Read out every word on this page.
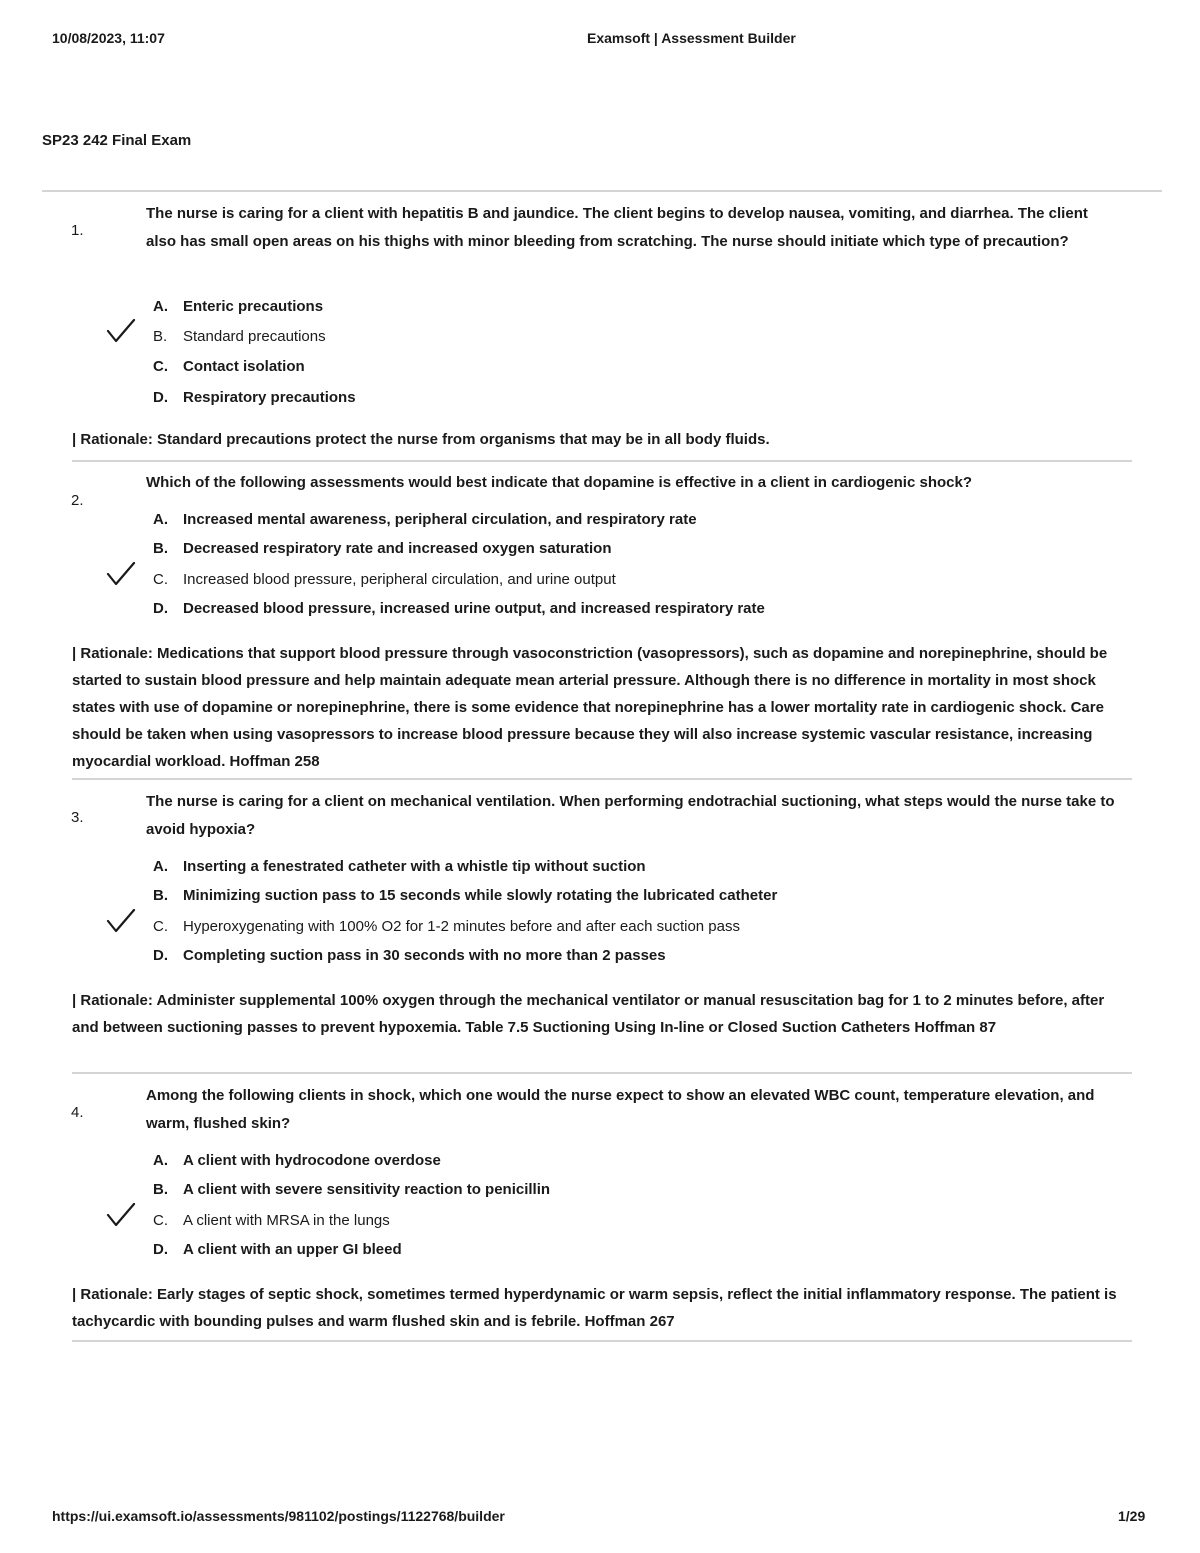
10/08/2023, 11:07	Examsoft | Assessment Builder
SP23 242 Final Exam
1.
The nurse is caring for a client with hepatitis B and jaundice. The client begins to develop nausea, vomiting, and diarrhea. The client also has small open areas on his thighs with minor bleeding from scratching. The nurse should initiate which type of precaution?
A. Enteric precautions
B. Standard precautions
C. Contact isolation
D. Respiratory precautions
| Rationale: Standard precautions protect the nurse from organisms that may be in all body fluids.
2.
Which of the following assessments would best indicate that dopamine is effective in a client in cardiogenic shock?
A. Increased mental awareness, peripheral circulation, and respiratory rate
B. Decreased respiratory rate and increased oxygen saturation
C. Increased blood pressure, peripheral circulation, and urine output
D. Decreased blood pressure, increased urine output, and increased respiratory rate
| Rationale: Medications that support blood pressure through vasoconstriction (vasopressors), such as dopamine and norepinephrine, should be started to sustain blood pressure and help maintain adequate mean arterial pressure. Although there is no difference in mortality in most shock states with use of dopamine or norepinephrine, there is some evidence that norepinephrine has a lower mortality rate in cardiogenic shock. Care should be taken when using vasopressors to increase blood pressure because they will also increase systemic vascular resistance, increasing myocardial workload. Hoffman 258
3.
The nurse is caring for a client on mechanical ventilation. When performing endotrachial suctioning, what steps would the nurse take to avoid hypoxia?
A. Inserting a fenestrated catheter with a whistle tip without suction
B. Minimizing suction pass to 15 seconds while slowly rotating the lubricated catheter
C. Hyperoxygenating with 100% O2 for 1-2 minutes before and after each suction pass
D. Completing suction pass in 30 seconds with no more than 2 passes
| Rationale: Administer supplemental 100% oxygen through the mechanical ventilator or manual resuscitation bag for 1 to 2 minutes before, after and between suctioning passes to prevent hypoxemia. Table 7.5 Suctioning Using In-line or Closed Suction Catheters Hoffman 87
4.
Among the following clients in shock, which one would the nurse expect to show an elevated WBC count, temperature elevation, and warm, flushed skin?
A. A client with hydrocodone overdose
B. A client with severe sensitivity reaction to penicillin
C. A client with MRSA in the lungs
D. A client with an upper GI bleed
| Rationale: Early stages of septic shock, sometimes termed hyperdynamic or warm sepsis, reflect the initial inflammatory response. The patient is tachycardic with bounding pulses and warm flushed skin and is febrile. Hoffman 267
https://ui.examsoft.io/assessments/981102/postings/1122768/builder	1/29
